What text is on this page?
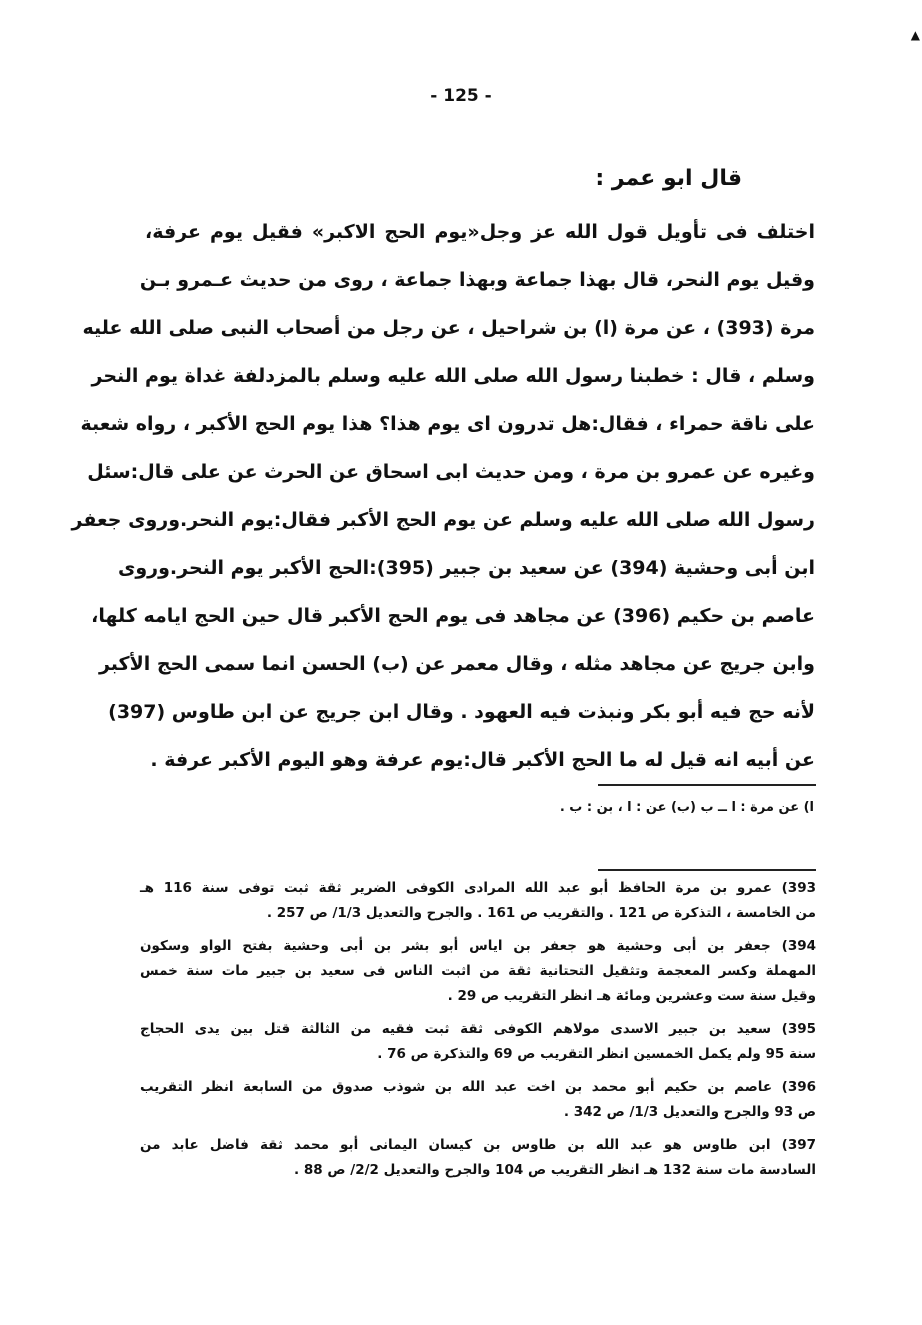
▲
- 125 -
قال ابو عمر :
اختلف فى تأويل قول الله عز وجل«يوم الحج الاكبر» فقيل يوم عرفة،
وقيل يوم النحر، قال بهذا جماعة وبهذا جماعة ، روى من حديث عـمرو بـن
مرة (393) ، عن مرة (ا) بن شراحيل ، عن رجل من أصحاب النبى صلى الله عليه
وسلم ، قال : خطبنا رسول الله صلى الله عليه وسلم بالمزدلفة غداة يوم النحر
على ناقة حمراء ، فقال:هل تدرون اى يوم هذا؟ هذا يوم الحج الأكبر ، رواه شعبة
وغيره عن عمرو بن مرة ، ومن حديث ابى اسحاق عن الحرث عن على قال:سئل
رسول الله صلى الله عليه وسلم عن يوم الحج الأكبر فقال:يوم النحر.وروى جعفر
ابن أبى وحشية (394) عن سعيد بن جبير (395):الحج الأكبر يوم النحر.وروى
عاصم بن حكيم (396) عن مجاهد فى يوم الحج الأكبر قال حين الحج ايامه كلها،
وابن جريج عن مجاهد مثله ، وقال معمر عن (ب) الحسن انما سمى الحج الأكبر
لأنه حج فيه أبو بكر ونبذت فيه العهود . وقال ابن جريج عن ابن طاوس (397)
عن أبيه انه قيل له ما الحج الأكبر قال:يوم عرفة وهو اليوم الأكبر عرفة .
ا) عن مرة : ا ــ ب (ب) عن : ا ، بن : ب .
393) عمرو بن مرة الحافظ أبو عبد الله المرادى الكوفى الضرير ثقة ثبت توفى سنة 116 هـ
من الخامسة ، التذكرة ص 121 . والتقريب ص 161 . والجرح والتعديل 1/3/ ص 257 .
394) جعفر بن أبى وحشية هو جعفر بن اياس أبو بشر بن أبى وحشية بفتح الواو وسكون
المهملة وكسر المعجمة وتثقيل التحتانية ثقة من اثبت الناس فى سعيد بن جبير مات سنة خمس
وقيل سنة ست وعشرين ومائة هـ انظر التقريب ص 29 .
395) سعيد بن جبير الاسدى مولاهم الكوفى ثقة ثبت فقيه من الثالثة قتل بين يدى الحجاج
سنة 95 ولم يكمل الخمسين انظر التقريب ص 69 والتذكرة ص 76 .
396) عاصم بن حكيم أبو محمد بن اخت عبد الله بن شوذب صدوق من السابعة انظر التقريب
ص 93 والجرح والتعديل 1/3/ ص 342 .
397) ابن طاوس هو عبد الله بن طاوس بن كيسان اليمانى أبو محمد ثقة فاضل عابد من
السادسة مات سنة 132 هـ انظر التقريب ص 104 والجرح والتعديل 2/2/ ص 88 .
